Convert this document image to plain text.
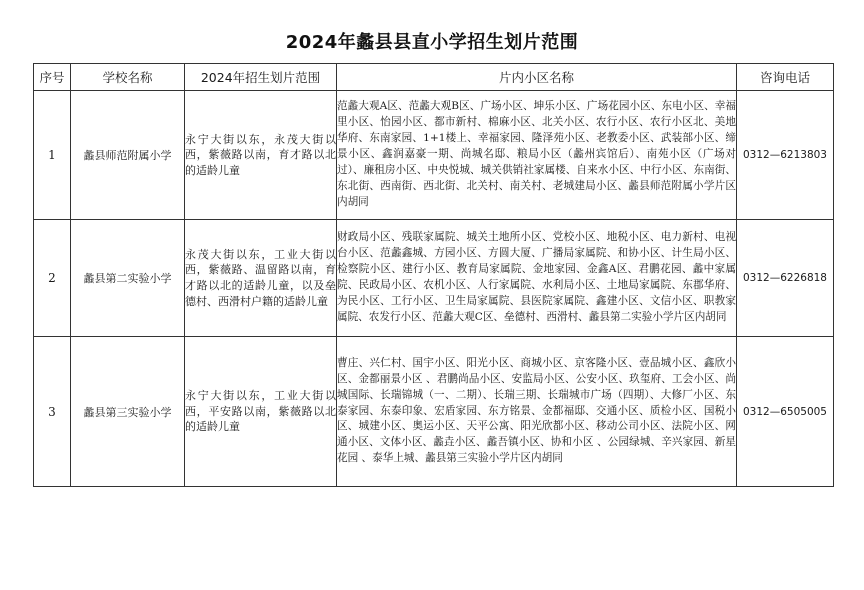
2024年蠡县县直小学招生划片范围
序号	学校名称	2024年招生划片范围	片内小区名称	咨询电话
1	蠡县师范附属小学	永宁大街以东，永茂大街以西，紫薇路以南，育才路以北的适龄儿童	范蠡大观A区、范蠡大观B区、广场小区、坤乐小区、广场花园小区、东电小区、幸福里小区、怡园小区、都市新村、棉麻小区、北关小区、农行小区、农行小区北、美地华府、东南家园、1+1楼上、幸福家园、隆泽苑小区、老教委小区、武装部小区、缔景小区、鑫润嘉豪一期、尚城名邸、粮局小区（蠡州宾馆后）、南苑小区（广场对过）、廉租房小区、中央悦城、城关供销社家属楼、自来水小区、中行小区、东南街、东北街、西南街、西北街、北关村、南关村、老城建局小区、蠡县师范附属小学片区内胡同	0312—6213803
2	蠡县第二实验小学	永茂大街以东，工业大街以西，紫薇路、温留路以南，育才路以北的适龄儿童，以及垒德村、西滑村户籍的适龄儿童	财政局小区、残联家属院、城关土地所小区、党校小区、地税小区、电力新村、电视台小区、范蠡鑫城、方园小区、方圆大厦、广播局家属院、和协小区、计生局小区、检察院小区、建行小区、教育局家属院、金地家园、金鑫A区、君鹏花园、蠡中家属院、民政局小区、农机小区、人行家属院、水利局小区、土地局家属院、东郡华府、为民小区、工行小区、卫生局家属院、县医院家属院、鑫建小区、文信小区、职教家属院、农发行小区、范蠡大观C区、垒德村、西滑村、蠡县第二实验小学片区内胡同	0312—6226818
3	蠡县第三实验小学	永宁大街以东，工业大街以西，平安路以南，紫薇路以北的适龄儿童	曹庄、兴仁村、国宇小区、阳光小区、商城小区、京客隆小区、壹品城小区、鑫欣小区、金都丽景小区 、君鹏尚品小区、安监局小区、公安小区、玖玺府、工会小区、尚城国际、长瑞锦城（一、二期）、长瑞三期、长瑞城市广场（四期）、大修厂小区、东泰家园、东泰印象、宏盾家园、东方铭景、金都福邸、交通小区、质检小区、国税小区、城建小区、奥运小区、天平公寓、阳光欣都小区、移动公司小区、法院小区、网通小区、文体小区、蠡垚小区、蠡吾镇小区、协和小区 、公园绿城、辛兴家园、新星花园 、泰华上城、蠡县第三实验小学片区内胡同	0312—6505005
